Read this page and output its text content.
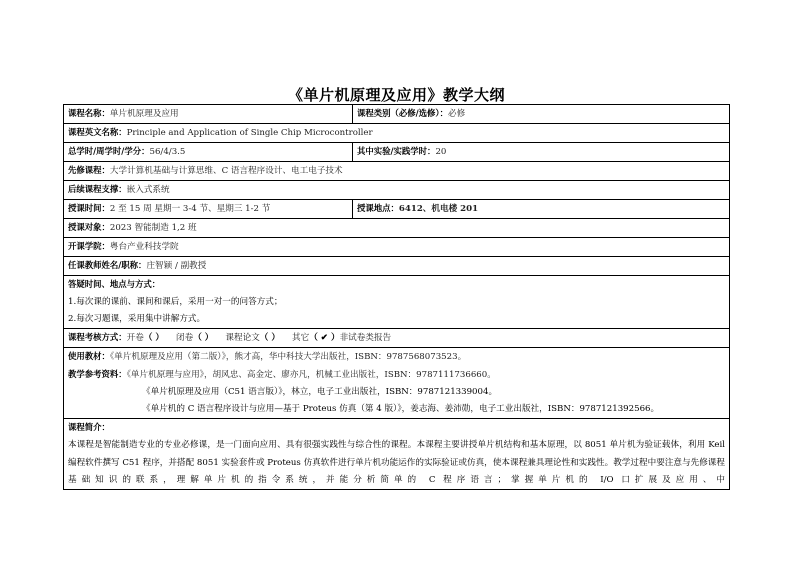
《单片机原理及应用》教学大纲
课程名称：单片机原理及应用	课程类别（必修/选修）：必修
课程英文名称：Principle and Application of Single Chip Microcontroller
总学时/周学时/学分：56/4/3.5	其中实验/实践学时：20
先修课程：大学计算机基础与计算思维、C 语言程序设计、电工电子技术
后续课程支撑：嵌入式系统
授课时间：2 至 15 周 星期一 3-4 节、星期三 1-2 节	授课地点：6412、机电楼 201
授课对象：2023 智能制造 1,2 班
开课学院：粤台产业科技学院
任课教师姓名/职称：庄智颖 / 副教授
答疑时间、地点与方式：
1.每次课的课前、课间和课后，采用一对一的问答方式；
2.每次习题课，采用集中讲解方式。
课程考核方式：开卷（ ） 闭卷（ ） 课程论文（ ） 其它（ ✔ ）非试卷类报告
使用教材：《单片机原理及应用（第二版）》，熊才高，华中科技大学出版社，ISBN：9787568073523。
教学参考资料：《单片机原理与应用》，胡风忠、高金定、廖亦凡，机械工业出版社，ISBN：9787111736660。
《单片机原理及应用（C51 语言版）》，林立，电子工业出版社，ISBN：9787121339004。
《单片机的 C 语言程序设计与应用—基于 Proteus 仿真（第 4 版）》，姜志海、姜沛勋，电子工业出版社，ISBN：9787121392566。
课程简介：
本课程是智能制造专业的专业必修课，是一门面向应用、具有很强实践性与综合性的课程。本课程主要讲授单片机结构和基本原理，以 8051 单片机为验证载体，利用 Keil 编程软件撰写 C51 程序，并搭配 8051 实验套件或 Proteus 仿真软件进行单片机功能运作的实际验证或仿真，使本课程兼具理论性和实践性。教学过程中要注意与先修课程基础知识的联系，理解单片机的指令系统，并能分析简单的 C 程序语言；掌握单片机的 I/O 口扩展及应用、中
